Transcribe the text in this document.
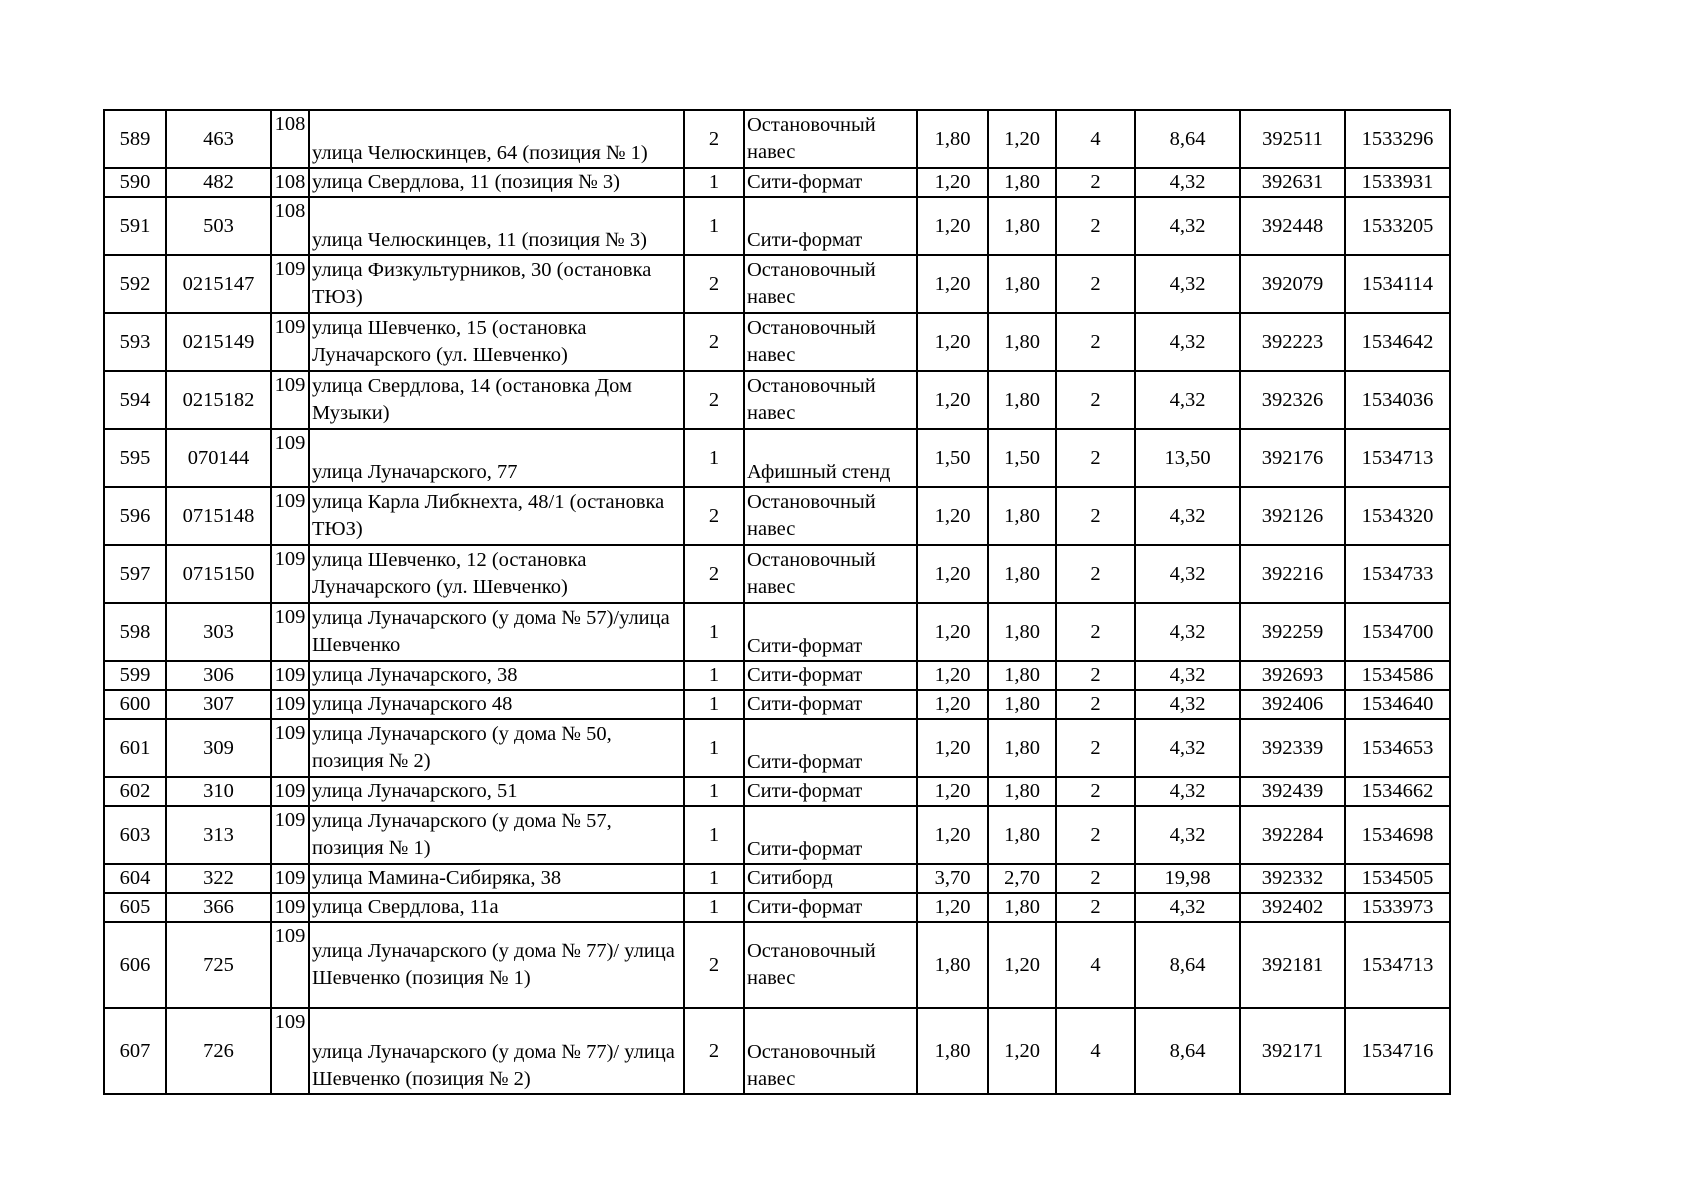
589	463	108	улица Челюскинцев, 64 (позиция № 1)	2	Остановочный навес	1,80	1,20	4	8,64	392511	1533296
590	482	108	улица Свердлова, 11 (позиция № 3)	1	Сити-формат	1,20	1,80	2	4,32	392631	1533931
591	503	108	улица Челюскинцев, 11 (позиция № 3)	1	Сити-формат	1,20	1,80	2	4,32	392448	1533205
592	0215147	109	улица Физкультурников, 30 (остановка ТЮЗ)	2	Остановочный навес	1,20	1,80	2	4,32	392079	1534114
593	0215149	109	улица Шевченко, 15 (остановка Луначарского (ул. Шевченко)	2	Остановочный навес	1,20	1,80	2	4,32	392223	1534642
594	0215182	109	улица Свердлова, 14 (остановка Дом Музыки)	2	Остановочный навес	1,20	1,80	2	4,32	392326	1534036
595	070144	109	улица Луначарского, 77	1	Афишный стенд	1,50	1,50	2	13,50	392176	1534713
596	0715148	109	улица Карла Либкнехта, 48/1 (остановка ТЮЗ)	2	Остановочный навес	1,20	1,80	2	4,32	392126	1534320
597	0715150	109	улица Шевченко, 12 (остановка Луначарского (ул. Шевченко)	2	Остановочный навес	1,20	1,80	2	4,32	392216	1534733
598	303	109	улица Луначарского (у дома № 57)/улица Шевченко	1	Сити-формат	1,20	1,80	2	4,32	392259	1534700
599	306	109	улица Луначарского, 38	1	Сити-формат	1,20	1,80	2	4,32	392693	1534586
600	307	109	улица Луначарского 48	1	Сити-формат	1,20	1,80	2	4,32	392406	1534640
601	309	109	улица Луначарского (у дома № 50, позиция № 2)	1	Сити-формат	1,20	1,80	2	4,32	392339	1534653
602	310	109	улица Луначарского, 51	1	Сити-формат	1,20	1,80	2	4,32	392439	1534662
603	313	109	улица Луначарского (у дома № 57, позиция № 1)	1	Сити-формат	1,20	1,80	2	4,32	392284	1534698
604	322	109	улица Мамина-Сибиряка, 38	1	Ситиборд	3,70	2,70	2	19,98	392332	1534505
605	366	109	улица Свердлова, 11а	1	Сити-формат	1,20	1,80	2	4,32	392402	1533973
606	725	109	улица Луначарского (у дома № 77)/ улица Шевченко (позиция № 1)	2	Остановочный навес	1,80	1,20	4	8,64	392181	1534713
607	726	109	улица Луначарского (у дома № 77)/ улица Шевченко (позиция № 2)	2	Остановочный навес	1,80	1,20	4	8,64	392171	1534716
